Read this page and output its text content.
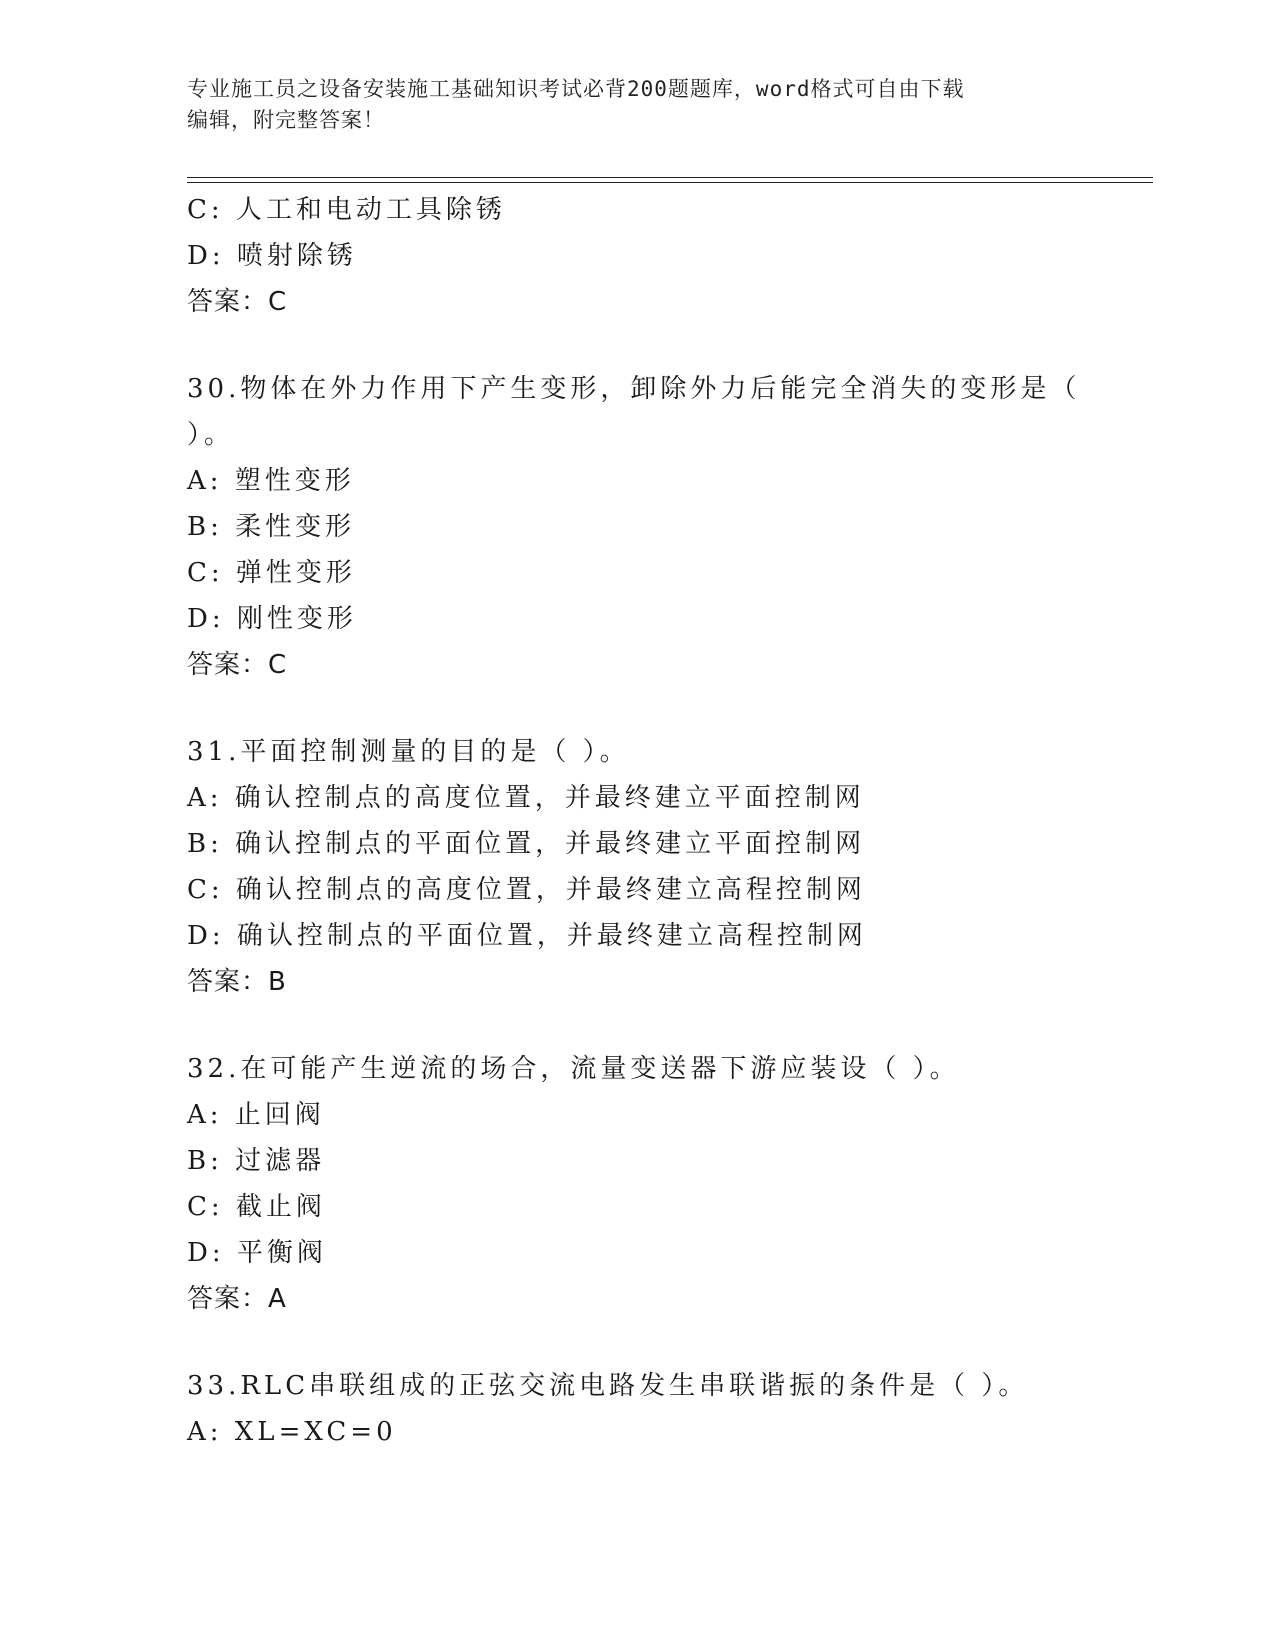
专业施工员之设备安装施工基础知识考试必背200题题库，word格式可自由下载

编辑，附完整答案！

C: 人工和电动工具除锈

D: 喷射除锈

答案：C

30.物体在外力作用下产生变形，卸除外力后能完全消失的变形是（

）。

A: 塑性变形

B: 柔性变形

C: 弹性变形

D: 刚性变形

答案：C

31.平面控制测量的目的是（ ）。

A: 确认控制点的高度位置，并最终建立平面控制网

B: 确认控制点的平面位置，并最终建立平面控制网

C: 确认控制点的高度位置，并最终建立高程控制网

D: 确认控制点的平面位置，并最终建立高程控制网

答案：B

32.在可能产生逆流的场合，流量变送器下游应装设（ ）。

A: 止回阀

B: 过滤器

C: 截止阀

D: 平衡阀

答案：A

33.RLC串联组成的正弦交流电路发生串联谐振的条件是（ ）。

A: XL=XC=0
